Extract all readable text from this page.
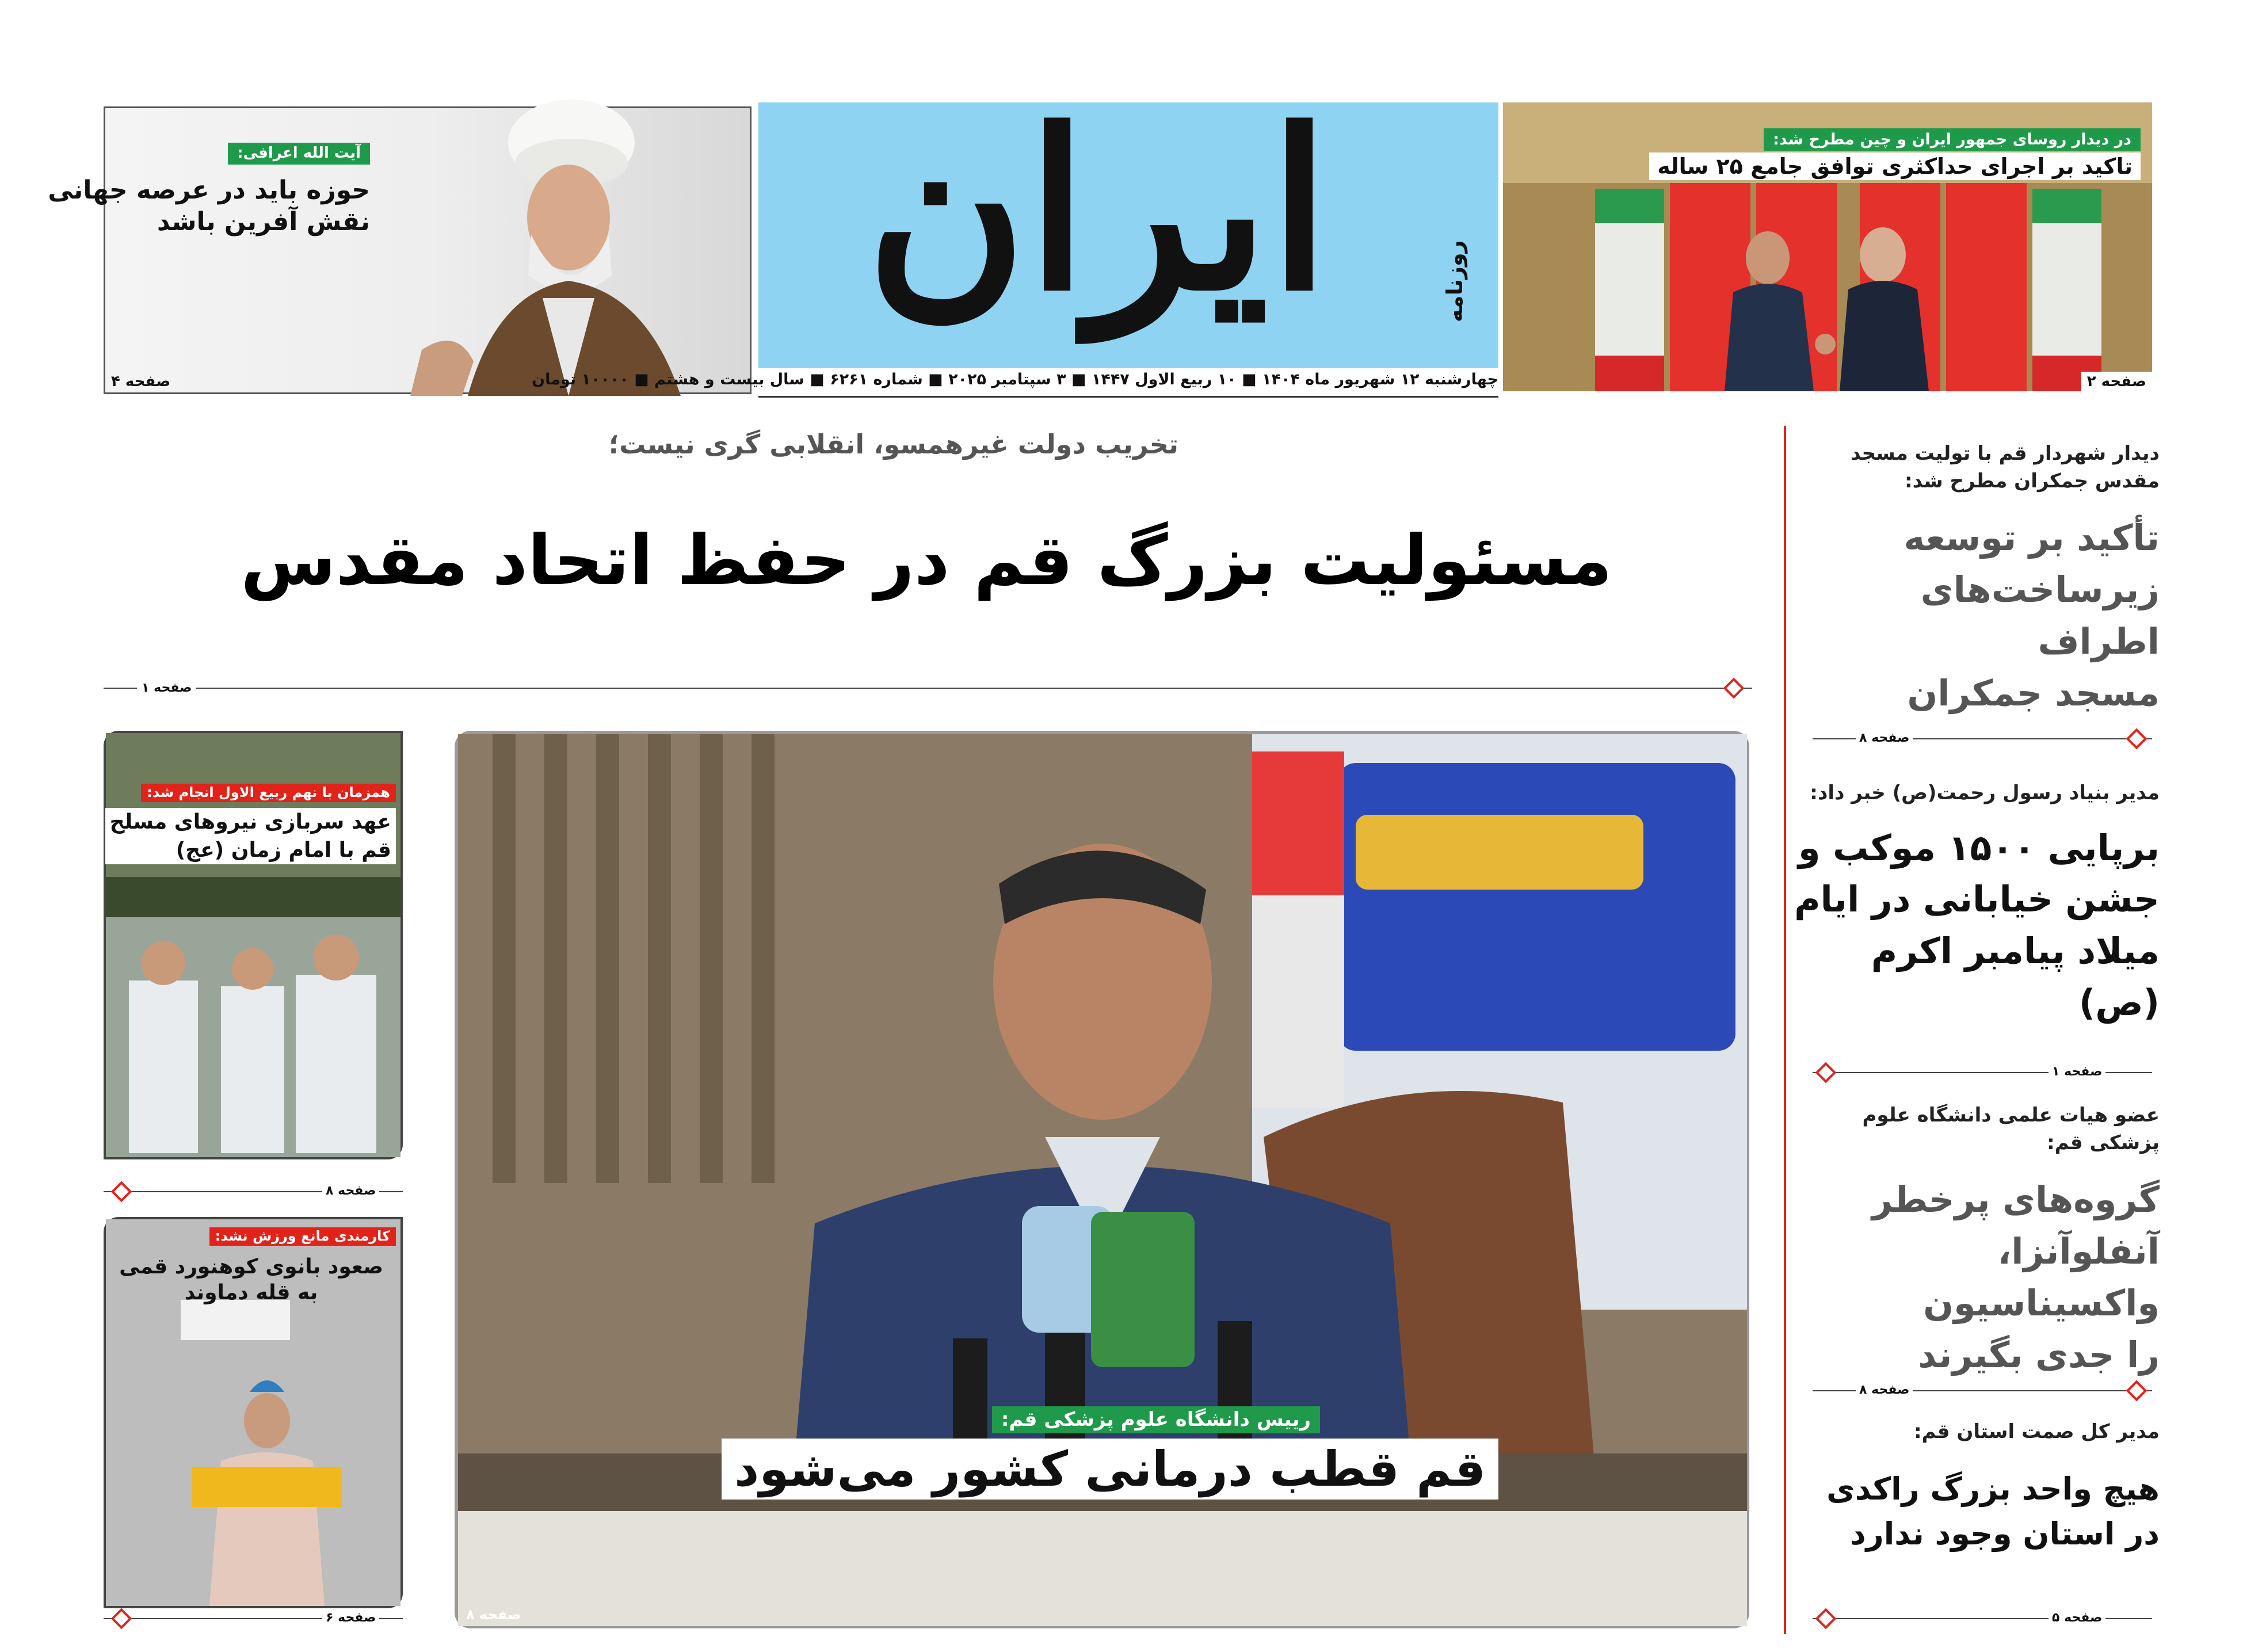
آیت الله اعرافی:
حوزه باید در عرصه جهانی
نقش آفرین باشد
صفحه ۴
ایران	روزنامه
چهارشنبه ۱۲ شهریور ماه ۱۴۰۴ ■ ۱۰ ربیع الاول ۱۴۴۷ ■ ۳ سپتامبر ۲۰۲۵ ■ شماره ۶۲۶۱ ■ سال بیست و هشتم ■ ۱۰۰۰۰ تومان
در دیدار روسای جمهور ایران و چین مطرح شد:
تاکید بر اجرای حداکثری توافق جامع ۲۵ ساله
صفحه ۲
تخریب دولت غیرهمسو، انقلابی گری نیست؛
مسئولیت بزرگ قم در حفظ اتحاد مقدس
صفحه ۱
رییس دانشگاه علوم پزشکی قم:
قم قطب درمانی کشور می‌شود
صفحه ۸
همزمان با نهم ربیع الاول انجام شد:
عهد سربازی نیروهای مسلح
قم با امام زمان (عج)
صفحه ۸
کارمندی مانع ورزش نشد:
صعود بانوی کوهنورد قمی
به قله دماوند
صفحه ۶
دیدار شهردار قم با تولیت مسجد مقدس جمکران مطرح شد:
تأکید بر توسعه
زیرساخت‌های اطراف
مسجد جمکران
صفحه ۸
مدیر بنیاد رسول رحمت(ص) خبر داد:
برپایی ۱۵۰۰ موکب و
جشن خیابانی در ایام
میلاد پیامبر اکرم (ص)
صفحه ۱
عضو هیات علمی دانشگاه علوم پزشکی قم:
گروه‌های پرخطر
آنفلوآنزا، واکسیناسیون
را جدی بگیرند
صفحه ۸
مدیر کل صمت استان قم:
هیچ واحد بزرگ راکدی
در استان وجود ندارد
صفحه ۵
